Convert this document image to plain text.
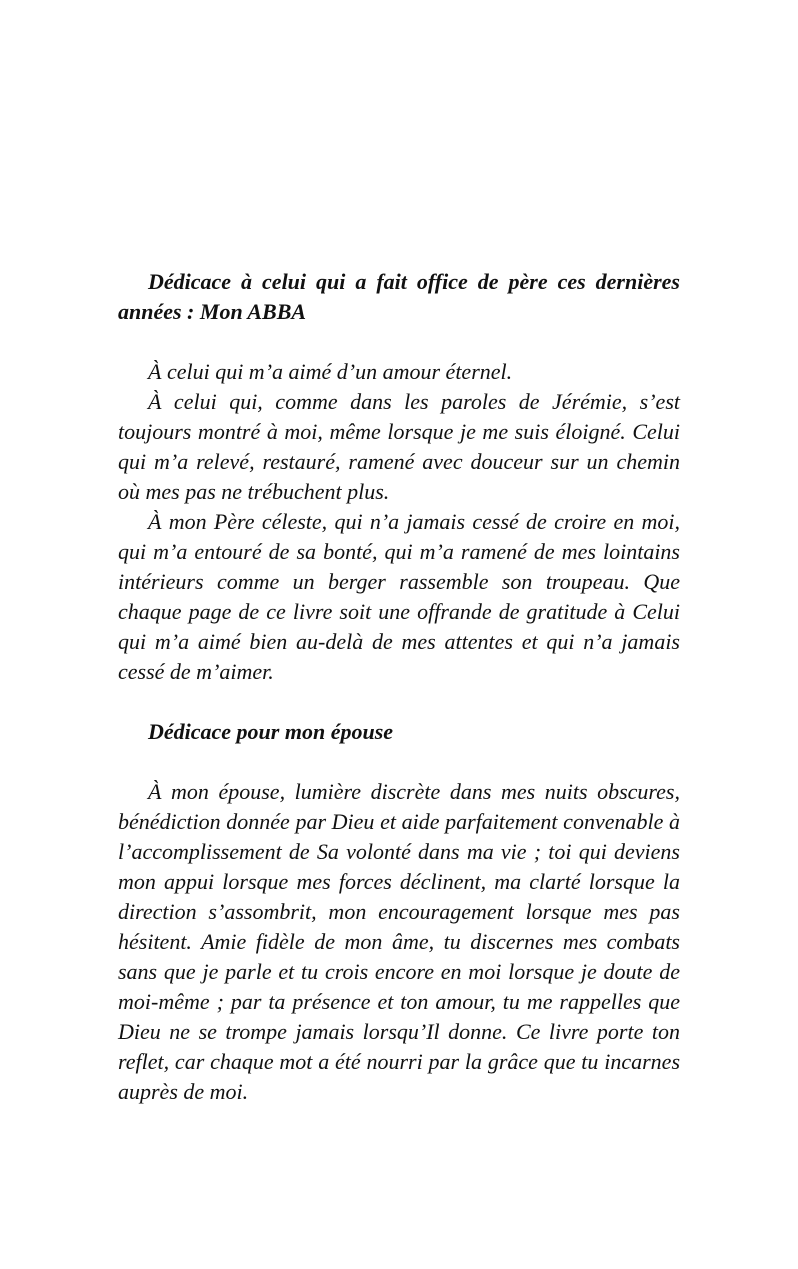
Dédicace à celui qui a fait office de père ces dernières années : Mon ABBA

À celui qui m’a aimé d’un amour éternel.

À celui qui, comme dans les paroles de Jérémie, s’est toujours montré à moi, même lorsque je me suis éloigné. Celui qui m’a relevé, restauré, ramené avec douceur sur un chemin où mes pas ne trébuchent plus.

À mon Père céleste, qui n’a jamais cessé de croire en moi, qui m’a entouré de sa bonté, qui m’a ramené de mes lointains intérieurs comme un berger rassemble son troupeau. Que chaque page de ce livre soit une offrande de gratitude à Celui qui m’a aimé bien au-delà de mes attentes et qui n’a jamais cessé de m’aimer.

Dédicace pour mon épouse

À mon épouse, lumière discrète dans mes nuits obscures, bénédiction donnée par Dieu et aide parfaitement convenable à l’accomplissement de Sa volonté dans ma vie ; toi qui deviens mon appui lorsque mes forces déclinent, ma clarté lorsque la direction s’assombrit, mon encouragement lorsque mes pas hésitent. Amie fidèle de mon âme, tu discernes mes combats sans que je parle et tu crois encore en moi lorsque je doute de moi-même ; par ta présence et ton amour, tu me rappelles que Dieu ne se trompe jamais lorsqu’Il donne. Ce livre porte ton reflet, car chaque mot a été nourri par la grâce que tu incarnes auprès de moi.
